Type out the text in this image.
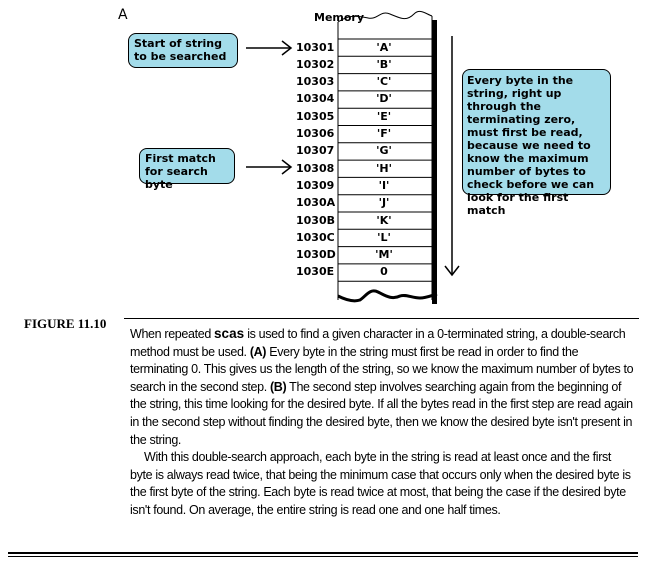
A	Memory
10301	'A'
10302	'B'
10303	'C'
10304	'D'
10305	'E'
10306	'F'
10307	'G'
10308	'H'
10309	'I'
1030A	'J'
1030B	'K'
1030C	'L'
1030D	'M'
1030E	0
Start of string to be searched
First match for search byte
Every byte in the string, right up through the terminating zero, must first be read, because we need to know the maximum number of bytes to check before we can look for the first match
FIGURE 11.10

When repeated scas is used to find a given character in a 0-terminated string, a double-search method must be used. (A) Every byte in the string must first be read in order to find the terminating 0. This gives us the length of the string, so we know the maximum number of bytes to search in the second step. (B) The second step involves searching again from the beginning of the string, this time looking for the desired byte. If all the bytes read in the first step are read again in the second step without finding the desired byte, then we know the desired byte isn't present in the string.

With this double-search approach, each byte in the string is read at least once and the first byte is always read twice, that being the minimum case that occurs only when the desired byte is the first byte of the string. Each byte is read twice at most, that being the case if the desired byte isn't found. On average, the entire string is read one and one half times.
